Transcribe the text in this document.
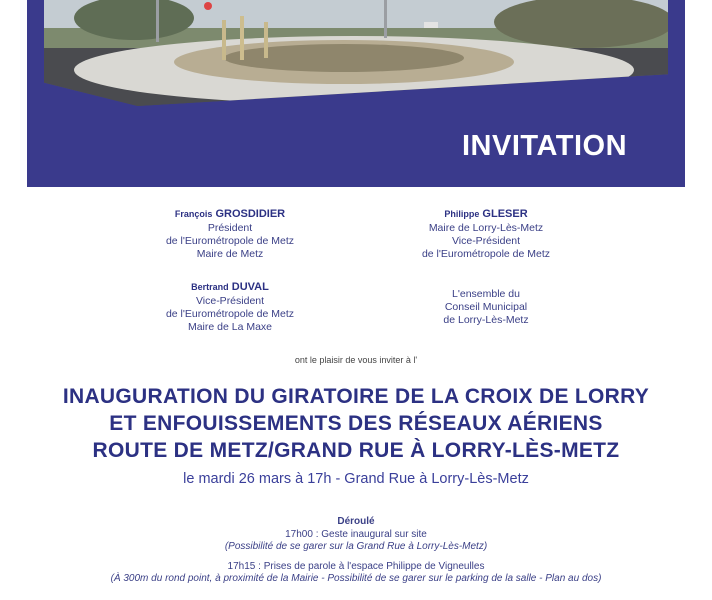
INVITATION
François GROSDIDIER
Président
de l'Eurométropole de Metz
Maire de Metz
Philippe GLESER
Maire de Lorry-Lès-Metz
Vice-Président
de l'Eurométropole de Metz
Bertrand DUVAL
Vice-Président
de l'Eurométropole de Metz
Maire de La Maxe
L'ensemble du
Conseil Municipal
de Lorry-Lès-Metz
ont le plaisir de vous inviter à l'
INAUGURATION DU GIRATOIRE DE LA CROIX DE LORRY
ET ENFOUISSEMENTS DES RÉSEAUX AÉRIENS
ROUTE DE METZ/GRAND RUE À LORRY-LÈS-METZ
le mardi 26 mars à 17h - Grand Rue à Lorry-Lès-Metz
Déroulé
17h00 : Geste inaugural sur site
(Possibilité de se garer sur la Grand Rue à Lorry-Lès-Metz)
17h15 : Prises de parole à l'espace Philippe de Vigneulles
(À 300m du rond point, à proximité de la Mairie - Possibilité de se garer sur le parking de la salle - Plan au dos)
